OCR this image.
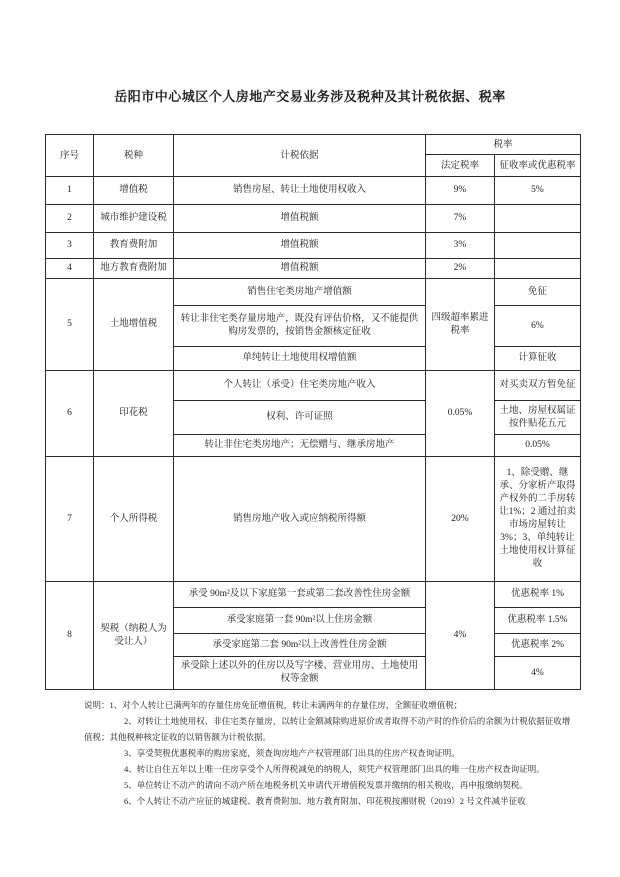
岳阳市中心城区个人房地产交易业务涉及税种及其计税依据、税率
序号	税种	计税依据	税率	
			法定税率	征收率或优惠税率
1	增值税	销售房屋、转让土地使用权收入	9%	5%
2	城市维护建设税	增值税额	7%	
3	教育费附加	增值税额	3%	
4	地方教育费附加	增值税额	2%	
5	土地增值税	销售住宅类房地产增值额	四级超率累进税率	免征
		转让非住宅类存量房地产，既没有评估价格，又不能提供购房发票的，按销售金额核定征收		6%
		单纯转让土地使用权增值额		计算征收
6	印花税	个人转让（承受）住宅类房地产收入	0.05%	对买卖双方暂免征
		权利、许可证照		土地、房屋权属证按件贴花五元
		转让非住宅类房地产；无偿赠与、继承房地产		0.05%
7	个人所得税	销售房地产收入或应纳税所得额	20%	1、除受赠、继承、分家析产取得产权外的二手房转让1%；2 通过拍卖市场房屋转让 3%；3、单纯转让土地使用权计算征收
8	契税（纳税人为受让人）	承受 90m²及以下家庭第一套或第二套改善性住房金额	4%	优惠税率 1%
		承受家庭第一套 90m²以上住房金额		优惠税率 1.5%
		承受家庭第二套 90m²以上改善性住房金额		优惠税率 2%
		承受除上述以外的住房以及写字楼、营业用房、土地使用权等金额		4%

说明：1、对个人转让已满两年的存量住房免征增值税，转让未满两年的存量住房，全额征收增值税；

2、对转让土地使用权、非住宅类存量房，以转让金额减除购进原价或者取得不动产时的作价后的余额为计税依据征收增值税；其他税种核定征收的以销售额为计税依据。

3、享受契税优惠税率的购房家庭，须查询房地产产权管理部门出具的住房产权查询证明。

4、转让自住五年以上唯一住房享受个人所得税减免的纳税人，须凭产权管理部门出具的唯一住房产权查询证明。

5、单位转让不动产的请向不动产所在地税务机关申请代开增值税发票并缴纳的相关税收，再申报缴纳契税。

6、个人转让不动产应征的城建税、教育费附加、地方教育附加、印花税按湘财税（2019）2 号文件减半征收
